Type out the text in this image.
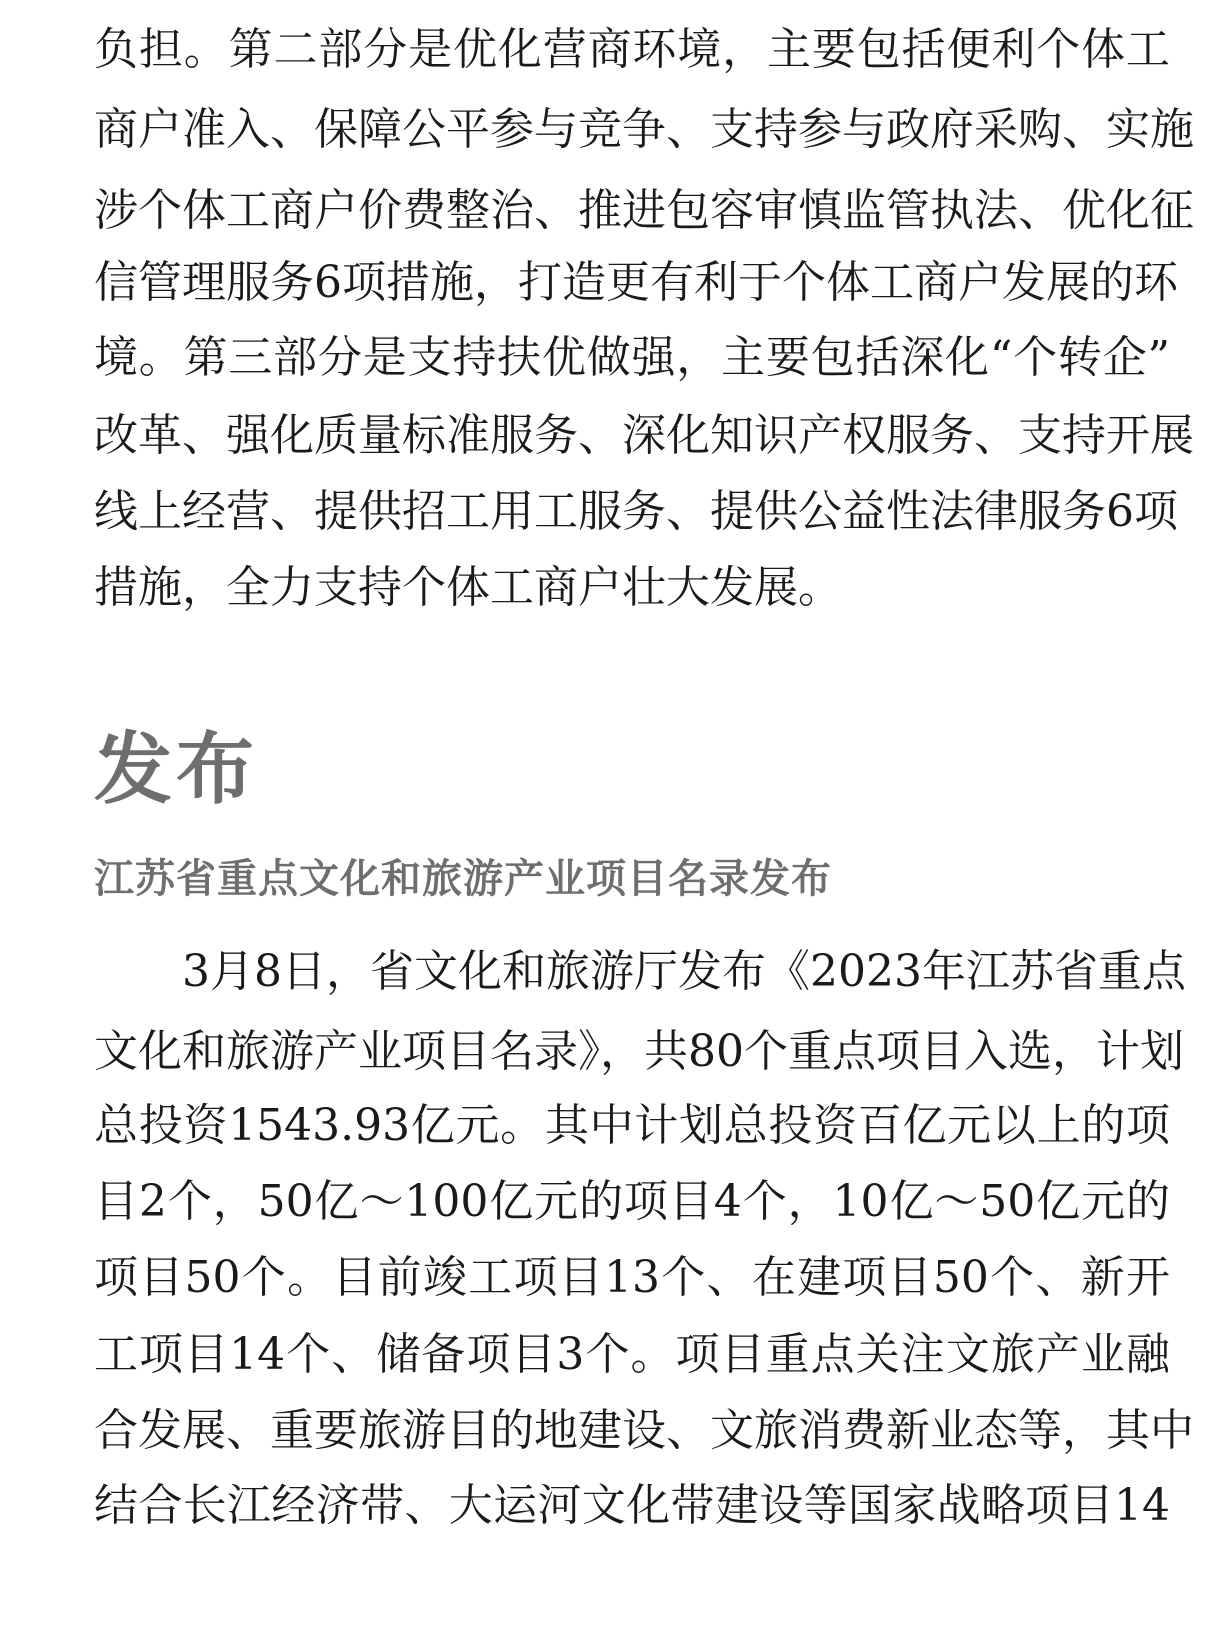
负担。第二部分是优化营商环境，主要包括便利个体工
商户准入、保障公平参与竞争、支持参与政府采购、实施
涉个体工商户价费整治、推进包容审慎监管执法、优化征
信管理服务6项措施，打造更有利于个体工商户发展的环
境。第三部分是支持扶优做强，主要包括深化“个转企”
改革、强化质量标准服务、深化知识产权服务、支持开展
线上经营、提供招工用工服务、提供公益性法律服务6项
措施，全力支持个体工商户壮大发展。
发布
江苏省重点文化和旅游产业项目名录发布
3月8日，省文化和旅游厅发布《2023年江苏省重点
文化和旅游产业项目名录》，共80个重点项目入选，计划
总投资1543.93亿元。其中计划总投资百亿元以上的项
目2个，50亿～100亿元的项目4个，10亿～50亿元的
项目50个。目前竣工项目13个、在建项目50个、新开
工项目14个、储备项目3个。项目重点关注文旅产业融
合发展、重要旅游目的地建设、文旅消费新业态等，其中
结合长江经济带、大运河文化带建设等国家战略项目14
